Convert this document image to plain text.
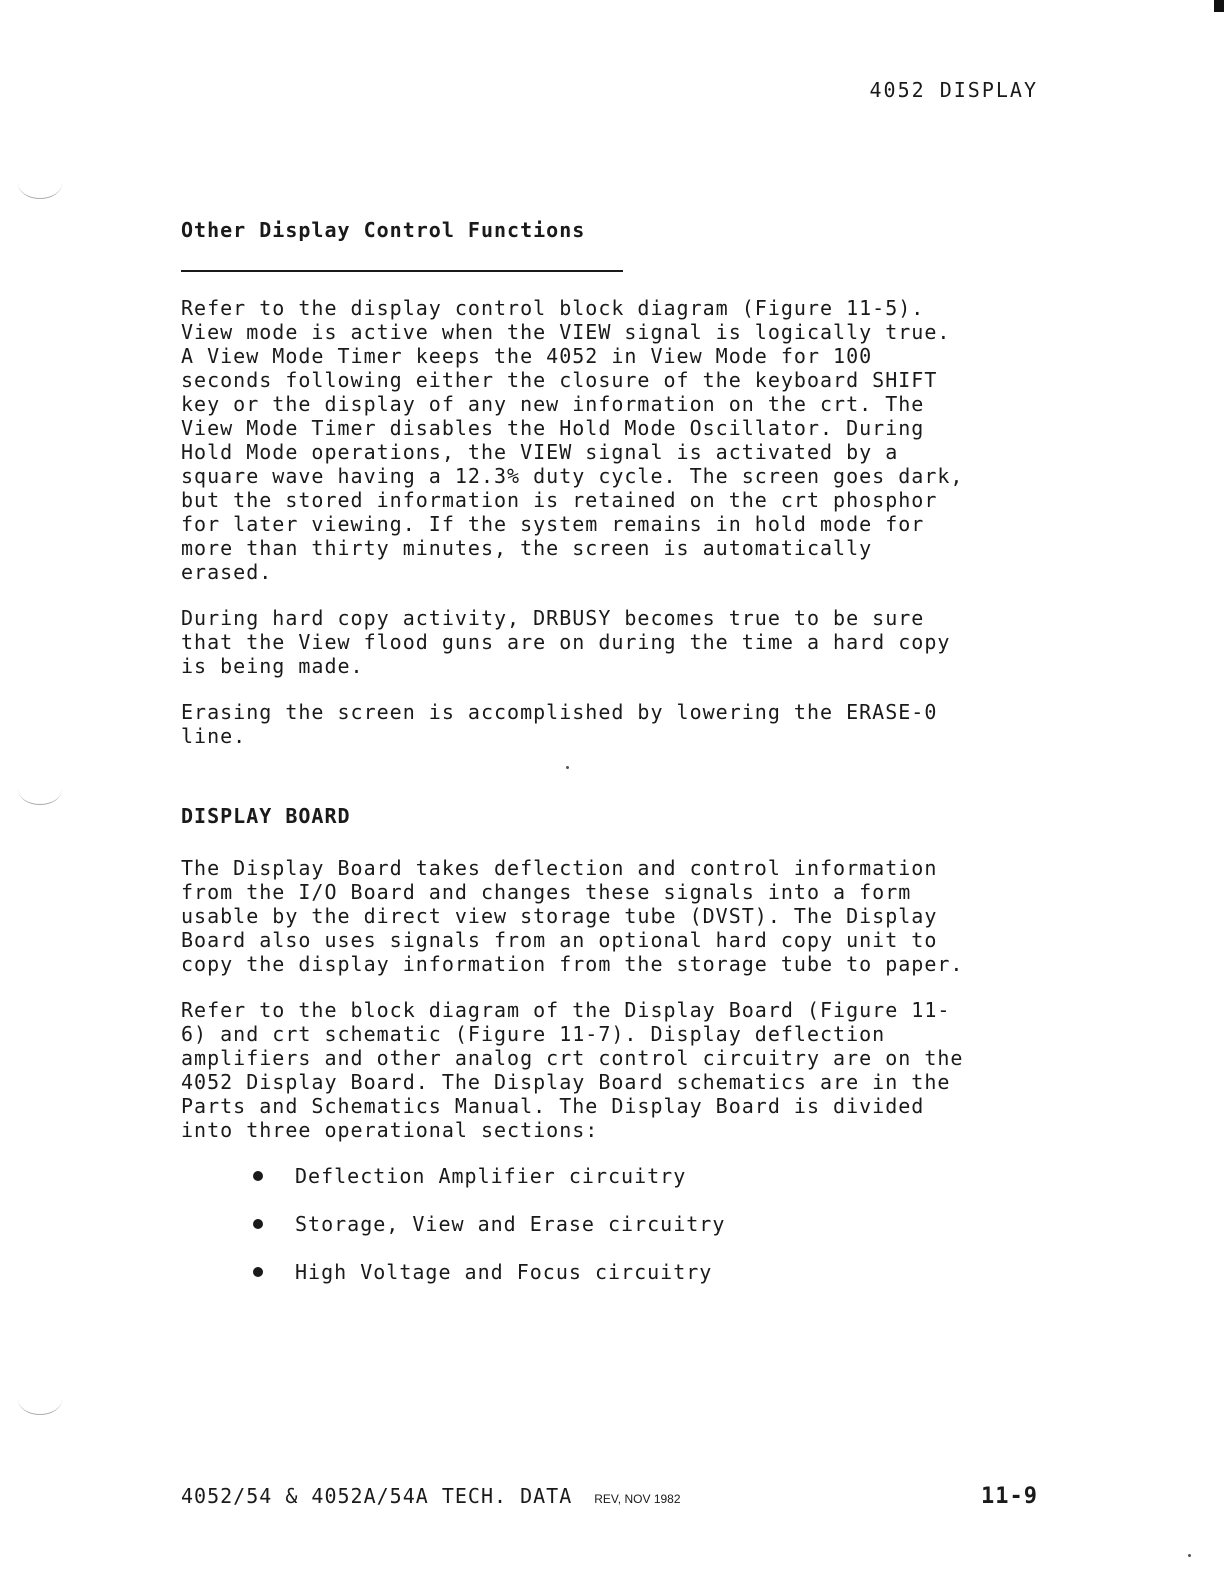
4052 DISPLAY
Other Display Control Functions

Refer to the display control block diagram (Figure 11-5).
View mode is active when the VIEW signal is logically true.
A View Mode Timer keeps the 4052 in View Mode for 100
seconds following either the closure of the keyboard SHIFT
key or the display of any new information on the crt. The
View Mode Timer disables the Hold Mode Oscillator. During
Hold Mode operations, the VIEW signal is activated by a
square wave having a 12.3% duty cycle. The screen goes dark,
but the stored information is retained on the crt phosphor
for later viewing. If the system remains in hold mode for
more than thirty minutes, the screen is automatically
erased.

During hard copy activity, DRBUSY becomes true to be sure
that the View flood guns are on during the time a hard copy
is being made.

Erasing the screen is accomplished by lowering the ERASE-0
line.

DISPLAY BOARD

The Display Board takes deflection and control information
from the I/O Board and changes these signals into a form
usable by the direct view storage tube (DVST). The Display
Board also uses signals from an optional hard copy unit to
copy the display information from the storage tube to paper.

Refer to the block diagram of the Display Board (Figure 11-
6) and crt schematic (Figure 11-7). Display deflection
amplifiers and other analog crt control circuitry are on the
4052 Display Board. The Display Board schematics are in the
Parts and Schematics Manual. The Display Board is divided
into three operational sections:

Deflection Amplifier circuitry
Storage, View and Erase circuitry
High Voltage and Focus circuitry
4052/54 & 4052A/54A TECH. DATA REV, NOV 1982	11-9
